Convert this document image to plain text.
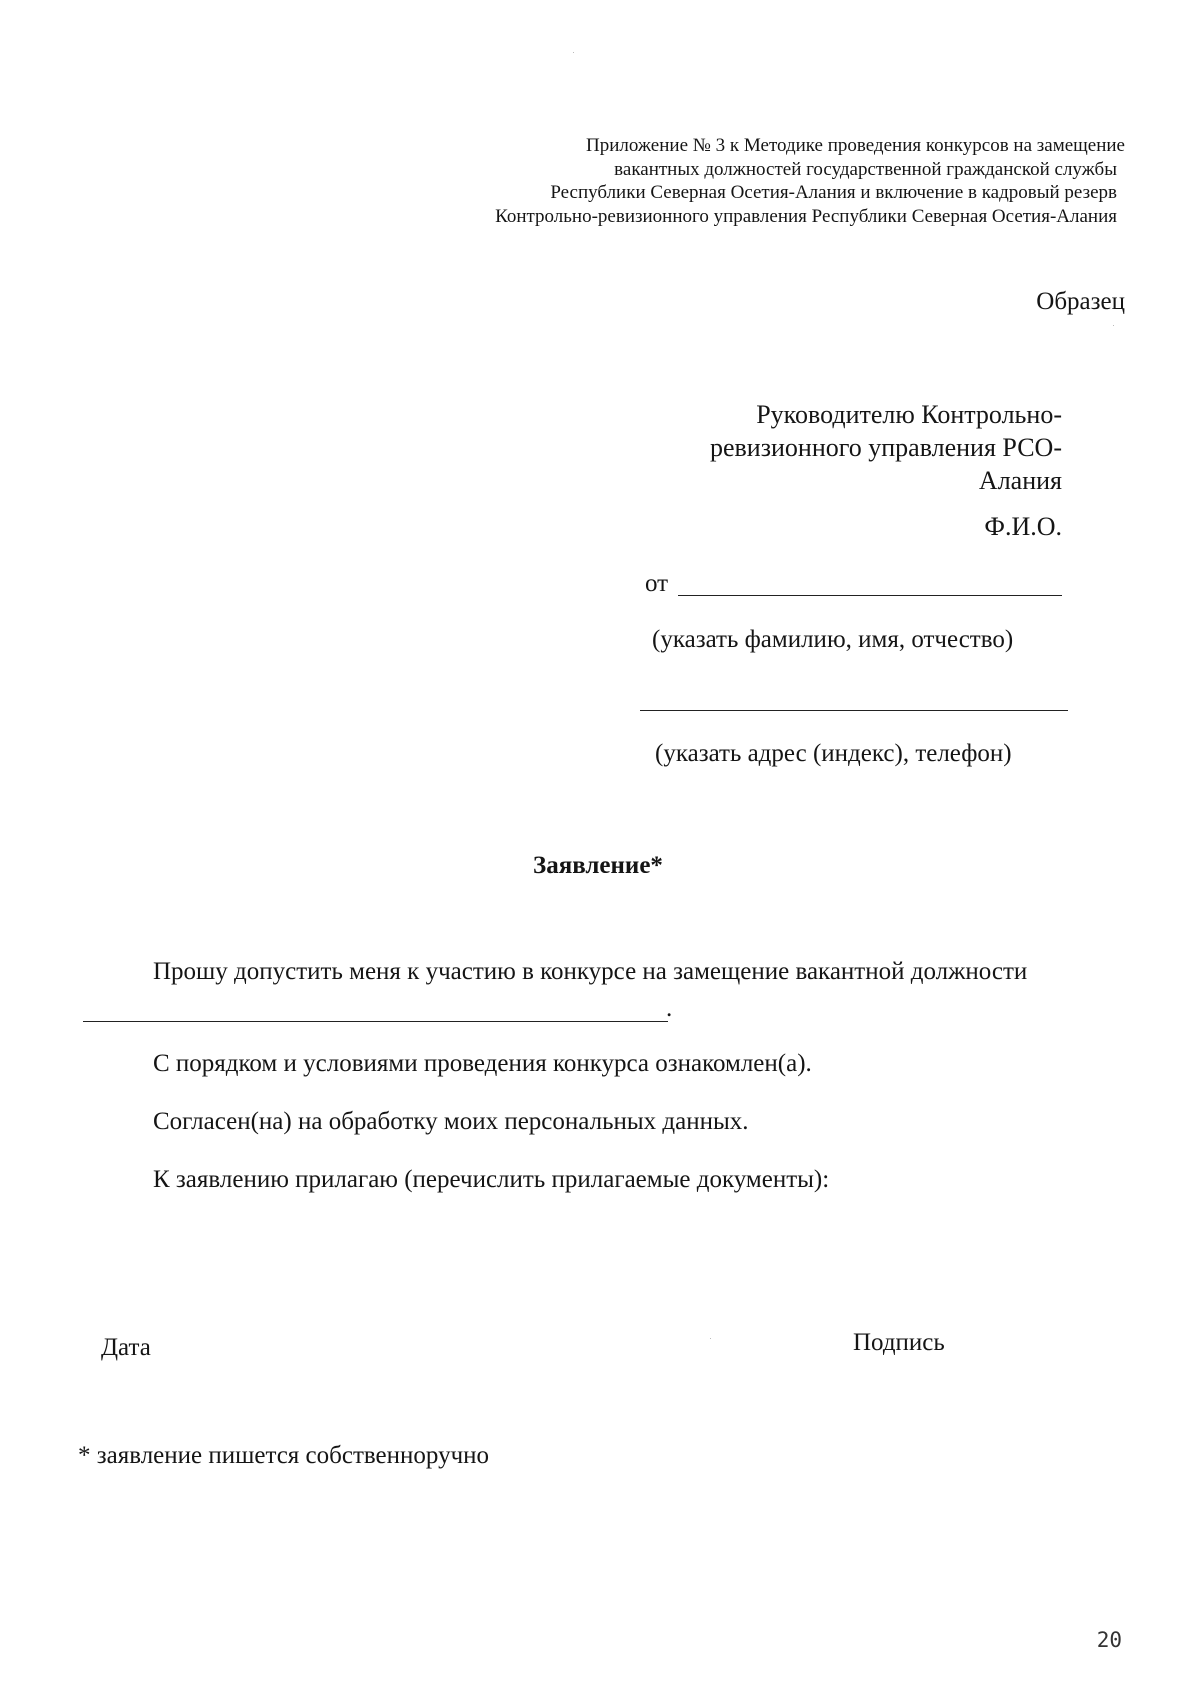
Приложение № 3 к Методике проведения конкурсов на замещение
вакантных должностей государственной гражданской службы
Республики Северная Осетия-Алания и включение в кадровый резерв
Контрольно-ревизионного управления Республики Северная Осетия-Алания
Образец
Руководителю Контрольно-
ревизионного управления РСО-
Алания
Ф.И.О.
от
(указать фамилию, имя, отчество)
(указать адрес (индекс), телефон)
Заявление*
Прошу допустить меня к участию в конкурсе на замещение вакантной должности
.
С порядком и условиями проведения конкурса ознакомлен(а).
Согласен(на) на обработку моих персональных данных.
К заявлению прилагаю (перечислить прилагаемые документы):
Дата	Подпись
* заявление пишется собственноручно
20
